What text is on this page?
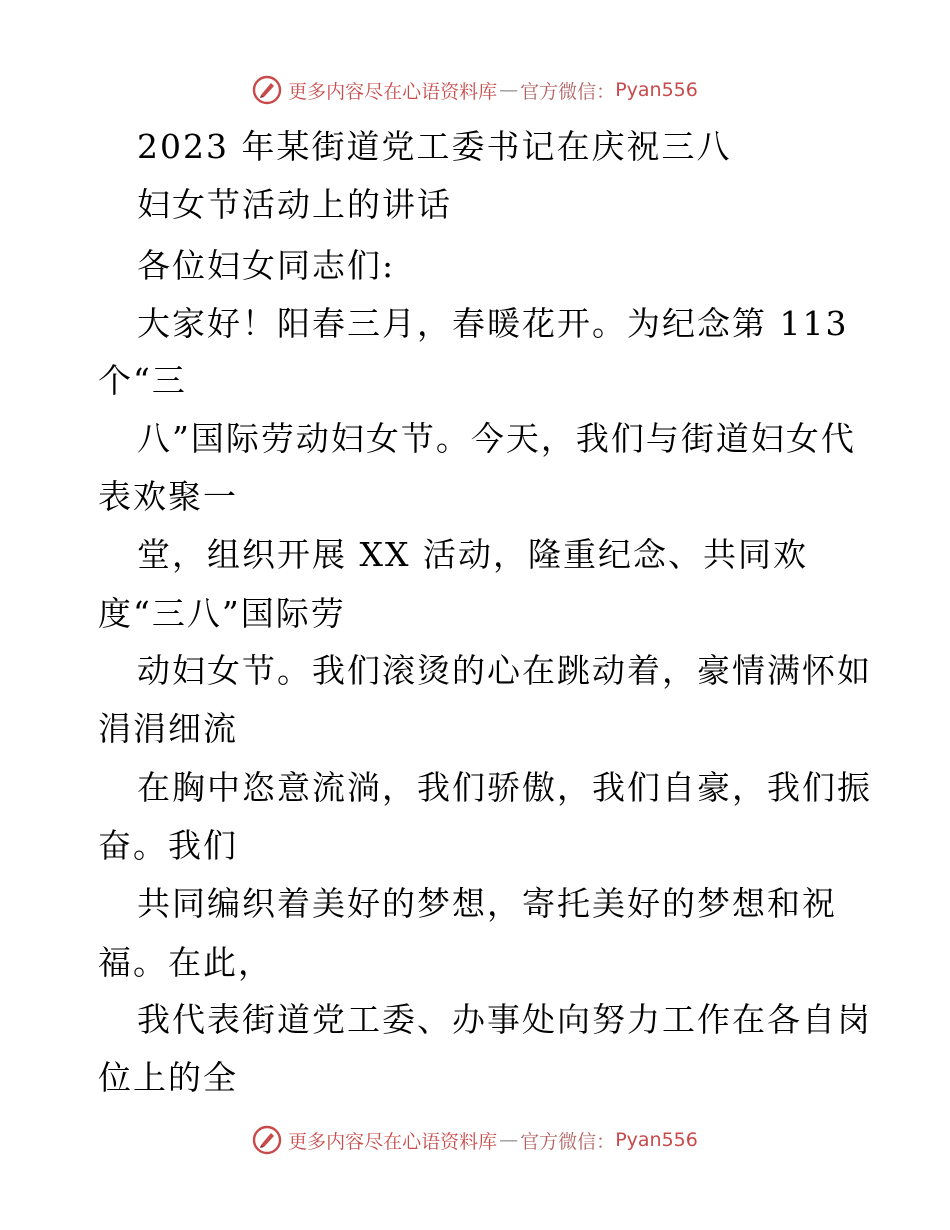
更多内容尽在心语资料库 — 官方微信： Pyan556
2023 年某街道党工委书记在庆祝三八
妇女节活动上的讲话
各位妇女同志们:
大家好！阳春三月，春暖花开。为纪念第 113
个“三
八”国际劳动妇女节。今天，我们与街道妇女代
表欢聚一
堂，组织开展 XX 活动，隆重纪念、共同欢
度“三八”国际劳
动妇女节。我们滚烫的心在跳动着，豪情满怀如
涓涓细流
在胸中恣意流淌，我们骄傲，我们自豪，我们振
奋。我们
共同编织着美好的梦想，寄托美好的梦想和祝
福。在此，
我代表街道党工委、办事处向努力工作在各自岗
位上的全
更多内容尽在心语资料库 — 官方微信： Pyan556
